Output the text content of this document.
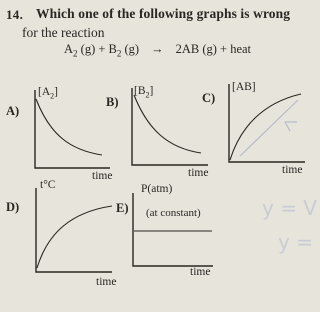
14. Which one of the following graphs is wrong
for the reaction
$A_2$ $(g) + B_2$ (g) → 2AB (g) + heat
A)
B)	C)
D)	E)
$[A_2]$	$[B_2]$	[AB]
t°C	P(atm)
(at constant)
time	time	time
time
time
y = V
y =
